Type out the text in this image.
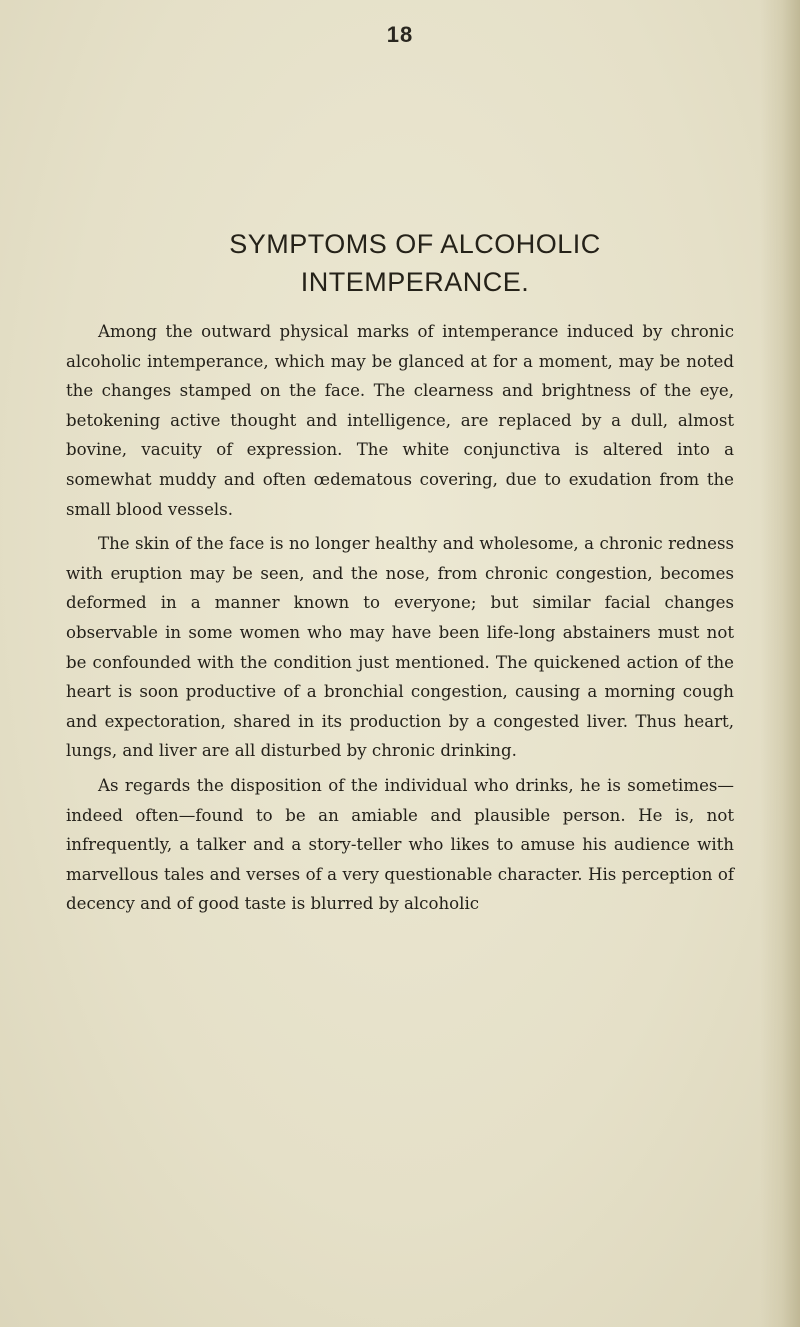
18
SYMPTOMS OF ALCOHOLIC
INTEMPERANCE.

Among the outward physical marks of intemperance induced by chronic alcoholic intemperance, which may be glanced at for a moment, may be noted the changes stamped on the face. The clearness and brightness of the eye, betokening active thought and intelligence, are replaced by a dull, almost bovine, vacuity of expression. The white conjunctiva is altered into a somewhat muddy and often œdematous covering, due to exudation from the small blood vessels.

The skin of the face is no longer healthy and wholesome, a chronic redness with eruption may be seen, and the nose, from chronic congestion, becomes deformed in a manner known to everyone; but similar facial changes observable in some women who may have been life-long abstainers must not be confounded with the condition just mentioned. The quickened action of the heart is soon productive of a bronchial congestion, causing a morning cough and expectoration, shared in its production by a congested liver. Thus heart, lungs, and liver are all disturbed by chronic drinking.

As regards the disposition of the individual who drinks, he is sometimes—indeed often—found to be an amiable and plausible person. He is, not infrequently, a talker and a story-teller who likes to amuse his audience with marvellous tales and verses of a very questionable character. His perception of decency and of good taste is blurred by alcoholic
